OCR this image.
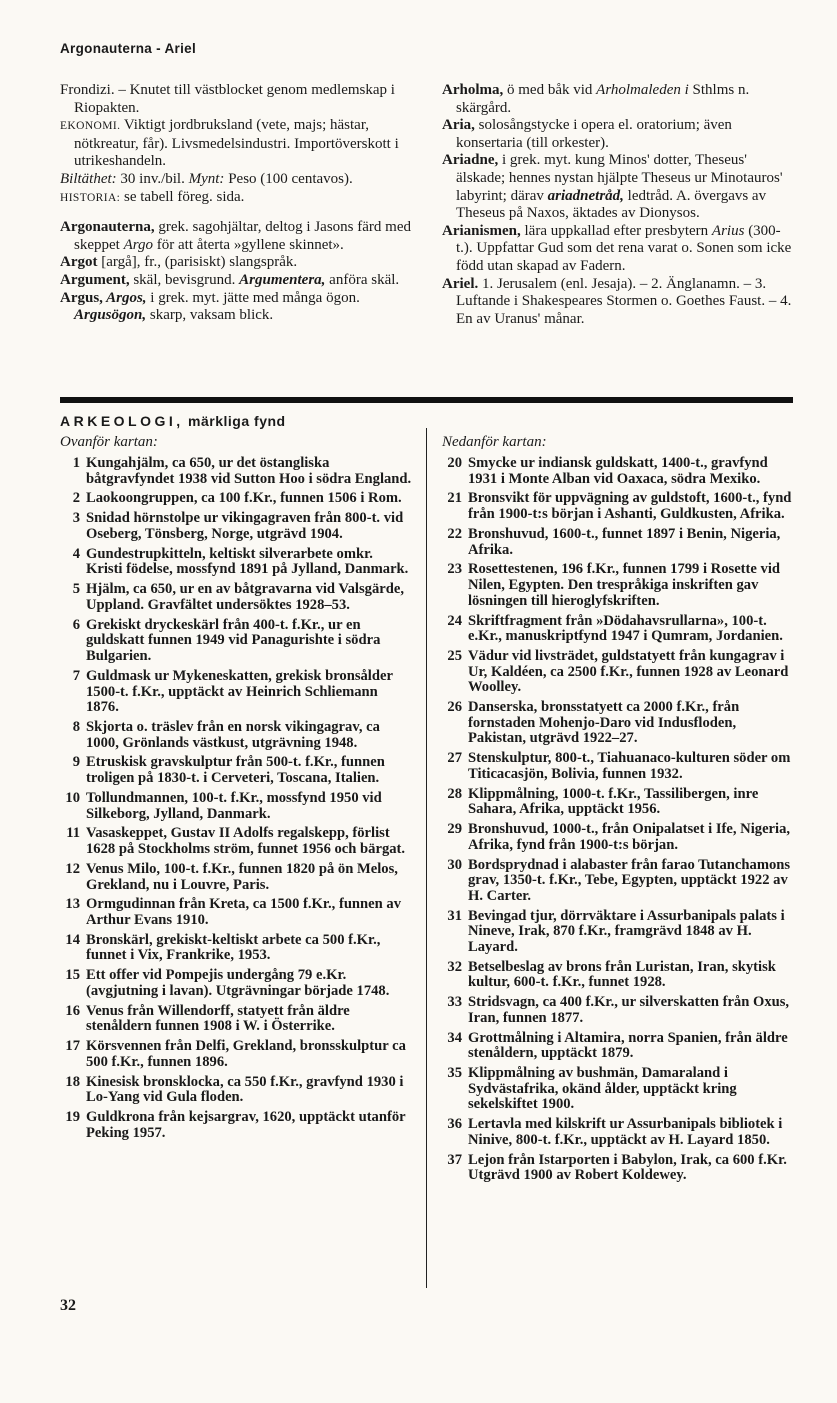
Argonauterna - Ariel

Frondizi. – Knutet till västblocket genom medlemskap i Riopakten.

EKONOMI. Viktigt jordbruksland (vete, majs; hästar, nötkreatur, får). Livsmedelsindustri. Importöverskott i utrikeshandeln.

Biltäthet: 30 inv./bil. Mynt: Peso (100 centavos).

HISTORIA: se tabell föreg. sida.

Argonauterna, grek. sagohjältar, deltog i Jasons färd med skeppet Argo för att återta »gyllene skinnet».

Argot [argå], fr., (parisiskt) slangspråk.

Argument, skäl, bevisgrund. Argumentera, anföra skäl.

Argus, Argos, i grek. myt. jätte med många ögon. Argusögon, skarp, vaksam blick.

Arholma, ö med båk vid Arholmaleden i Sthlms n. skärgård.

Aria, solosångstycke i opera el. oratorium; även konsertaria (till orkester).

Ariadne, i grek. myt. kung Minos' dotter, Theseus' älskade; hennes nystan hjälpte Theseus ur Minotauros' labyrint; därav ariadnetråd, ledtråd. A. övergavs av Theseus på Naxos, äktades av Dionysos.

Arianismen, lära uppkallad efter presbytern Arius (300-t.). Uppfattar Gud som det rena varat o. Sonen som icke född utan skapad av Fadern.

Ariel. 1. Jerusalem (enl. Jesaja). – 2. Änglanamn. – 3. Luftande i Shakespeares Stormen o. Goethes Faust. – 4. En av Uranus' månar.

ARKEOLOGI, märkliga fynd
Ovanför kartan:	Nedanför kartan:
1 Kungahjälm, ca 650, ur det östangliska båtgravfyndet 1938 vid Sutton Hoo i södra England.
2 Laokoongruppen, ca 100 f.Kr., funnen 1506 i Rom.
3 Snidad hörnstolpe ur vikingagraven från 800-t. vid Oseberg, Tönsberg, Norge, utgrävd 1904.
4 Gundestrupkitteln, keltiskt silverarbete omkr. Kristi födelse, mossfynd 1891 på Jylland, Danmark.
5 Hjälm, ca 650, ur en av båtgravarna vid Valsgärde, Uppland. Gravfältet undersöktes 1928–53.
6 Grekiskt dryckeskärl från 400-t. f.Kr., ur en guldskatt funnen 1949 vid Panagurishte i södra Bulgarien.
7 Guldmask ur Mykeneskatten, grekisk bronsålder 1500-t. f.Kr., upptäckt av Heinrich Schliemann 1876.
8 Skjorta o. träslev från en norsk vikingagrav, ca 1000, Grönlands västkust, utgrävning 1948.
9 Etruskisk gravskulptur från 500-t. f.Kr., funnen troligen på 1830-t. i Cerveteri, Toscana, Italien.
10 Tollundmannen, 100-t. f.Kr., mossfynd 1950 vid Silkeborg, Jylland, Danmark.
11 Vasaskeppet, Gustav II Adolfs regalskepp, förlist 1628 på Stockholms ström, funnet 1956 och bärgat.
12 Venus Milo, 100-t. f.Kr., funnen 1820 på ön Melos, Grekland, nu i Louvre, Paris.
13 Ormgudinnan från Kreta, ca 1500 f.Kr., funnen av Arthur Evans 1910.
14 Bronskärl, grekiskt-keltiskt arbete ca 500 f.Kr., funnet i Vix, Frankrike, 1953.
15 Ett offer vid Pompejis undergång 79 e.Kr. (avgjutning i lavan). Utgrävningar började 1748.
16 Venus från Willendorff, statyett från äldre stenåldern funnen 1908 i W. i Österrike.
17 Körsvennen från Delfi, Grekland, bronsskulptur ca 500 f.Kr., funnen 1896.
18 Kinesisk bronsklocka, ca 550 f.Kr., gravfynd 1930 i Lo-Yang vid Gula floden.
19 Guldkrona från kejsargrav, 1620, upptäckt utanför Peking 1957.
20 Smycke ur indiansk guldskatt, 1400-t., gravfynd 1931 i Monte Alban vid Oaxaca, södra Mexiko.
21 Bronsvikt för uppvägning av guldstoft, 1600-t., fynd från 1900-t:s början i Ashanti, Guldkusten, Afrika.
22 Bronshuvud, 1600-t., funnet 1897 i Benin, Nigeria, Afrika.
23 Rosettestenen, 196 f.Kr., funnen 1799 i Rosette vid Nilen, Egypten. Den trespråkiga inskriften gav lösningen till hieroglyfskriften.
24 Skriftfragment från »Dödahavsrullarna», 100-t. e.Kr., manuskriptfynd 1947 i Qumram, Jordanien.
25 Vädur vid livsträdet, guldstatyett från kungagrav i Ur, Kaldéen, ca 2500 f.Kr., funnen 1928 av Leonard Woolley.
26 Danserska, bronsstatyett ca 2000 f.Kr., från fornstaden Mohenjo-Daro vid Indusfloden, Pakistan, utgrävd 1922–27.
27 Stenskulptur, 800-t., Tiahuanaco-kulturen söder om Titicacasjön, Bolivia, funnen 1932.
28 Klippmålning, 1000-t. f.Kr., Tassilibergen, inre Sahara, Afrika, upptäckt 1956.
29 Bronshuvud, 1000-t., från Onipalatset i Ife, Nigeria, Afrika, fynd från 1900-t:s början.
30 Bordsprydnad i alabaster från farao Tutanchamons grav, 1350-t. f.Kr., Tebe, Egypten, upptäckt 1922 av H. Carter.
31 Bevingad tjur, dörrväktare i Assurbanipals palats i Nineve, Irak, 870 f.Kr., framgrävd 1848 av H. Layard.
32 Betselbeslag av brons från Luristan, Iran, skytisk kultur, 600-t. f.Kr., funnet 1928.
33 Stridsvagn, ca 400 f.Kr., ur silverskatten från Oxus, Iran, funnen 1877.
34 Grottmålning i Altamira, norra Spanien, från äldre stenåldern, upptäckt 1879.
35 Klippmålning av bushmän, Damaraland i Sydvästafrika, okänd ålder, upptäckt kring sekelskiftet 1900.
36 Lertavla med kilskrift ur Assurbanipals bibliotek i Ninive, 800-t. f.Kr., upptäckt av H. Layard 1850.
37 Lejon från Istarporten i Babylon, Irak, ca 600 f.Kr. Utgrävd 1900 av Robert Koldewey.
32
